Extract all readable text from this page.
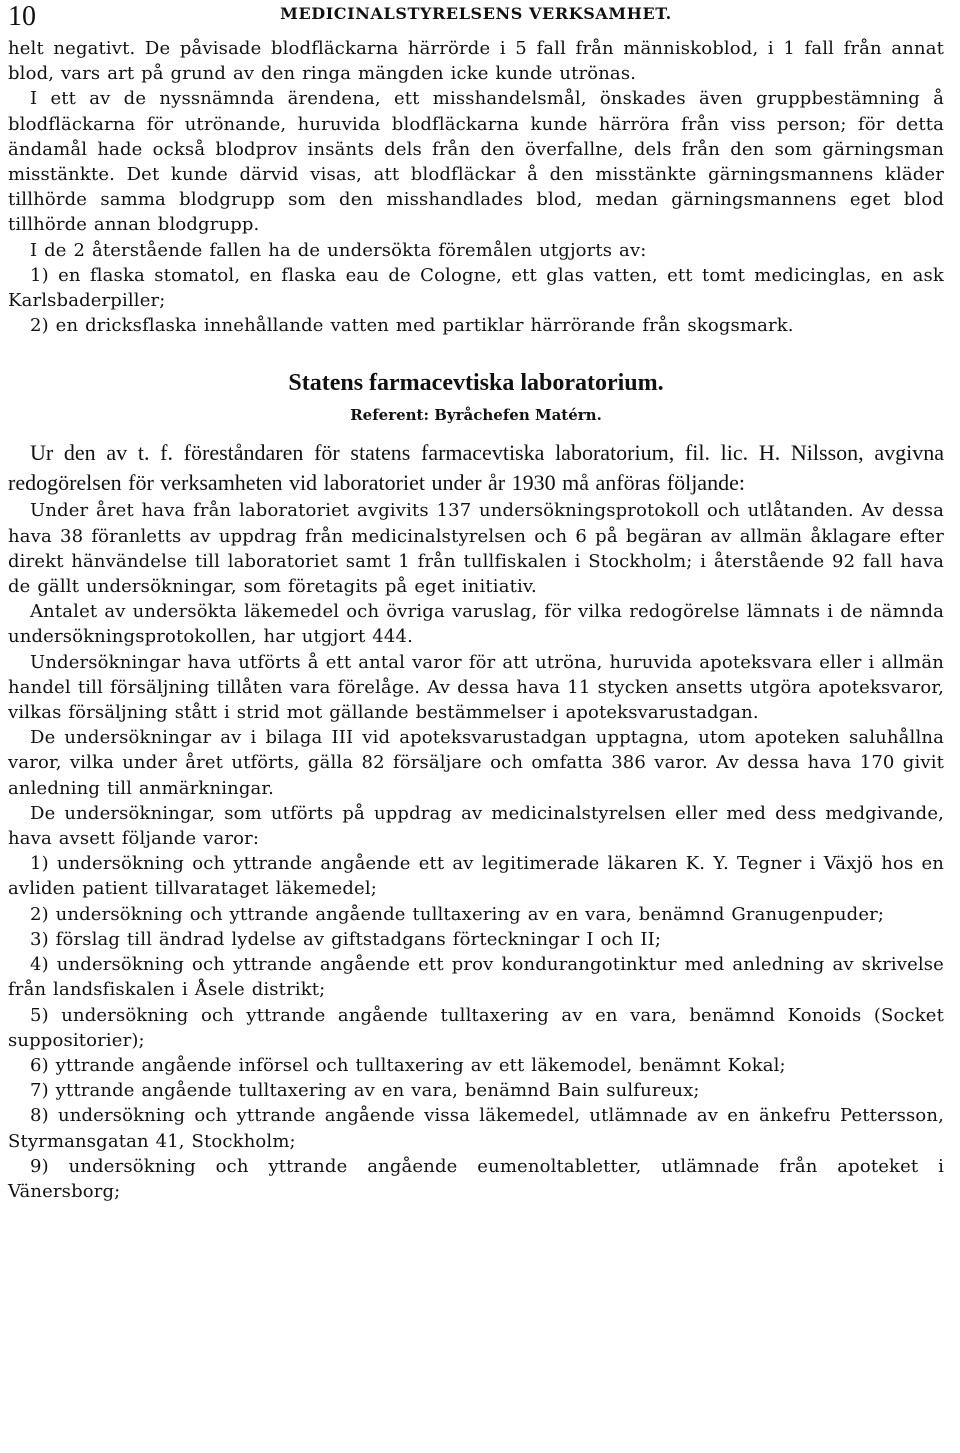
10	MEDICINALSTYRELSENS VERKSAMHET.

helt negativt. De påvisade blodfläckarna härrörde i 5 fall från människoblod, i 1 fall från annat blod, vars art på grund av den ringa mängden icke kunde utrönas.

I ett av de nyssnämnda ärendena, ett misshandelsmål, önskades även gruppbestämning å blodfläckarna för utrönande, huruvida blodfläckarna kunde härröra från viss person; för detta ändamål hade också blodprov insänts dels från den överfallne, dels från den som gärningsman misstänkte. Det kunde därvid visas, att blodfläckar å den misstänkte gärningsmannens kläder tillhörde samma blodgrupp som den misshandlades blod, medan gärningsmannens eget blod tillhörde annan blodgrupp.

I de 2 återstående fallen ha de undersökta föremålen utgjorts av:

1) en flaska stomatol, en flaska eau de Cologne, ett glas vatten, ett tomt medicinglas, en ask Karlsbaderpiller;

2) en dricksflaska innehållande vatten med partiklar härrörande från skogsmark.

Statens farmacevtiska laboratorium.
Referent: Byråchefen Matérn.

Ur den av t. f. föreståndaren för statens farmacevtiska laboratorium, fil. lic. H. Nilsson, avgivna redogörelsen för verksamheten vid laboratoriet under år 1930 må anföras följande:

Under året hava från laboratoriet avgivits 137 undersökningsprotokoll och utlåtanden. Av dessa hava 38 föranletts av uppdrag från medicinalstyrelsen och 6 på begäran av allmän åklagare efter direkt hänvändelse till laboratoriet samt 1 från tullfiskalen i Stockholm; i återstående 92 fall hava de gällt undersökningar, som företagits på eget initiativ.

Antalet av undersökta läkemedel och övriga varuslag, för vilka redogörelse lämnats i de nämnda undersökningsprotokollen, har utgjort 444.

Undersökningar hava utförts å ett antal varor för att utröna, huruvida apoteksvara eller i allmän handel till försäljning tillåten vara förelåge. Av dessa hava 11 stycken ansetts utgöra apoteksvaror, vilkas försäljning stått i strid mot gällande bestämmelser i apoteksvarustadgan.

De undersökningar av i bilaga III vid apoteksvarustadgan upptagna, utom apoteken saluhållna varor, vilka under året utförts, gälla 82 försäljare och omfatta 386 varor. Av dessa hava 170 givit anledning till anmärkningar.

De undersökningar, som utförts på uppdrag av medicinalstyrelsen eller med dess medgivande, hava avsett följande varor:

1) undersökning och yttrande angående ett av legitimerade läkaren K. Y. Tegner i Växjö hos en avliden patient tillvarataget läkemedel;

2) undersökning och yttrande angående tulltaxering av en vara, benämnd Granugenpuder;

3) förslag till ändrad lydelse av giftstadgans förteckningar I och II;

4) undersökning och yttrande angående ett prov kondurangotinktur med anledning av skrivelse från landsfiskalen i Åsele distrikt;

5) undersökning och yttrande angående tulltaxering av en vara, benämnd Konoids (Socket suppositorier);

6) yttrande angående införsel och tulltaxering av ett läkemodel, benämnt Kokal;

7) yttrande angående tulltaxering av en vara, benämnd Bain sulfureux;

8) undersökning och yttrande angående vissa läkemedel, utlämnade av en änkefru Pettersson, Styrmansgatan 41, Stockholm;

9) undersökning och yttrande angående eumenoltabletter, utlämnade från apoteket i Vänersborg;
